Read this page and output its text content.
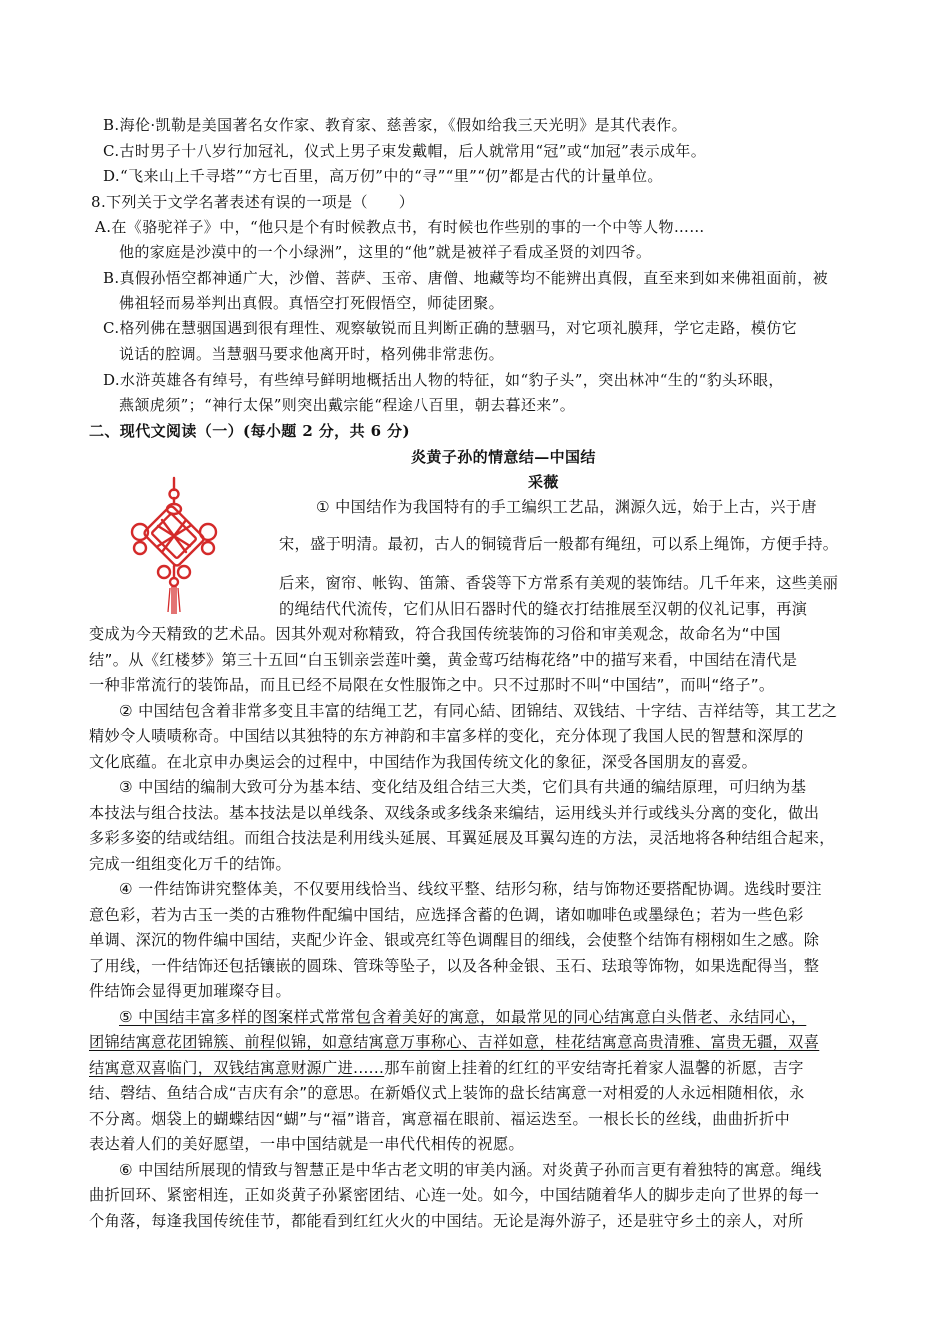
B.海伦·凯勒是美国著名女作家、教育家、慈善家，《假如给我三天光明》是其代表作。
C.古时男子十八岁行加冠礼，仪式上男子束发戴帽，后人就常用“冠”或“加冠”表示成年。
D.“飞来山上千寻塔”“方七百里，高万仞”中的“寻”“里”“仞”都是古代的计量单位。
8.下列关于文学名著表述有误的一项是（　　）
A.在《骆驼祥子》中，“他只是个有时候教点书，有时候也作些别的事的一个中等人物……
他的家庭是沙漠中的一个小绿洲”，这里的“他”就是被祥子看成圣贤的刘四爷。
B.真假孙悟空都神通广大，沙僧、菩萨、玉帝、唐僧、地藏等均不能辨出真假，直至来到如来佛祖面前，被
佛祖轻而易举判出真假。真悟空打死假悟空，师徒团聚。
C.格列佛在慧骃国遇到很有理性、观察敏锐而且判断正确的慧骃马，对它项礼膜拜，学它走路，模仿它
说话的腔调。当慧骃马要求他离开时，格列佛非常悲伤。
D.水浒英雄各有绰号，有些绰号鲜明地概括出人物的特征，如“豹子头”，突出林冲“生的“豹头环眼，
燕颔虎须”；“神行太保”则突出戴宗能“程途八百里，朝去暮还来”。
二、现代文阅读（一）(每小题 2 分，共 6 分)
炎黄子孙的情意结—中国结
采薇
① 中国结作为我国特有的手工编织工艺品，渊源久远，始于上古，兴于唐
宋，盛于明清。最初，古人的铜镜背后一般都有绳纽，可以系上绳饰，方便手持。
后来，窗帘、帐钩、笛箫、香袋等下方常系有美观的装饰结。几千年来，这些美丽
的绳结代代流传，它们从旧石器时代的缝衣打结推展至汉朝的仪礼记事，再演
变成为今天精致的艺术品。因其外观对称精致，符合我国传统装饰的习俗和审美观念，故命名为“中国
结”。从《红楼梦》第三十五回“白玉钏亲尝莲叶羹，黄金莺巧结梅花络”中的描写来看，中国结在清代是
一种非常流行的装饰品，而且已经不局限在女性服饰之中。只不过那时不叫“中国结”，而叫“络子”。
② 中国结包含着非常多变且丰富的结绳工艺，有同心結、团锦结、双钱结、十字结、吉祥结等，其工艺之
精妙令人啧啧称奇。中国结以其独特的东方神韵和丰富多样的变化，充分体现了我国人民的智慧和深厚的
文化底蕴。在北京申办奥运会的过程中，中国结作为我国传统文化的象征，深受各国朋友的喜爱。
③ 中国结的编制大致可分为基本结、变化结及组合结三大类，它们具有共通的编结原理，可归纳为基
本技法与组合技法。基本技法是以单线条、双线条或多线条来编结，运用线头并行或线头分离的变化，做出
多彩多姿的结或结组。而组合技法是利用线头延展、耳翼延展及耳翼勾连的方法，灵活地将各种结组合起来，
完成一组组变化万千的结饰。
④ 一件结饰讲究整体美，不仅要用线恰当、线纹平整、结形匀称，结与饰物还要搭配协调。选线时要注
意色彩，若为古玉一类的古雅物件配编中国结，应选择含蓄的色调，诸如咖啡色或墨绿色；若为一些色彩
单调、深沉的物件编中国结，夹配少许金、银或亮红等色调醒目的细线，会使整个结饰有栩栩如生之感。除
了用线，一件结饰还包括镶嵌的圆珠、管珠等坠子，以及各种金银、玉石、珐琅等饰物，如果选配得当，整
件结饰会显得更加璀璨夺目。
⑤ 中国结丰富多样的图案样式常常包含着美好的寓意，如最常见的同心结寓意白头偕老、永结同心，
团锦结寓意花团锦簇、前程似锦，如意结寓意万事称心、吉祥如意，桂花结寓意高贵清雅、富贵无疆，双喜
结寓意双喜临门，双钱结寓意财源广进......那车前窗上挂着的红红的平安结寄托着家人温馨的祈愿，吉字
结、磬结、鱼结合成“吉庆有余”的意思。在新婚仪式上装饰的盘长结寓意一对相爱的人永远相随相依，永
不分离。烟袋上的蝴蝶结因“蝴”与“福”谐音，寓意福在眼前、福运迭至。一根长长的丝线，曲曲折折中
表达着人们的美好愿望，一串中国结就是一串代代相传的祝愿。
⑥ 中国结所展现的情致与智慧正是中华古老文明的审美内涵。对炎黄子孙而言更有着独特的寓意。绳线
曲折回环、紧密相连，正如炎黄子孙紧密团结、心连一处。如今，中国结随着华人的脚步走向了世界的每一
个角落，每逢我国传统佳节，都能看到红红火火的中国结。无论是海外游子，还是驻守乡土的亲人，对所
